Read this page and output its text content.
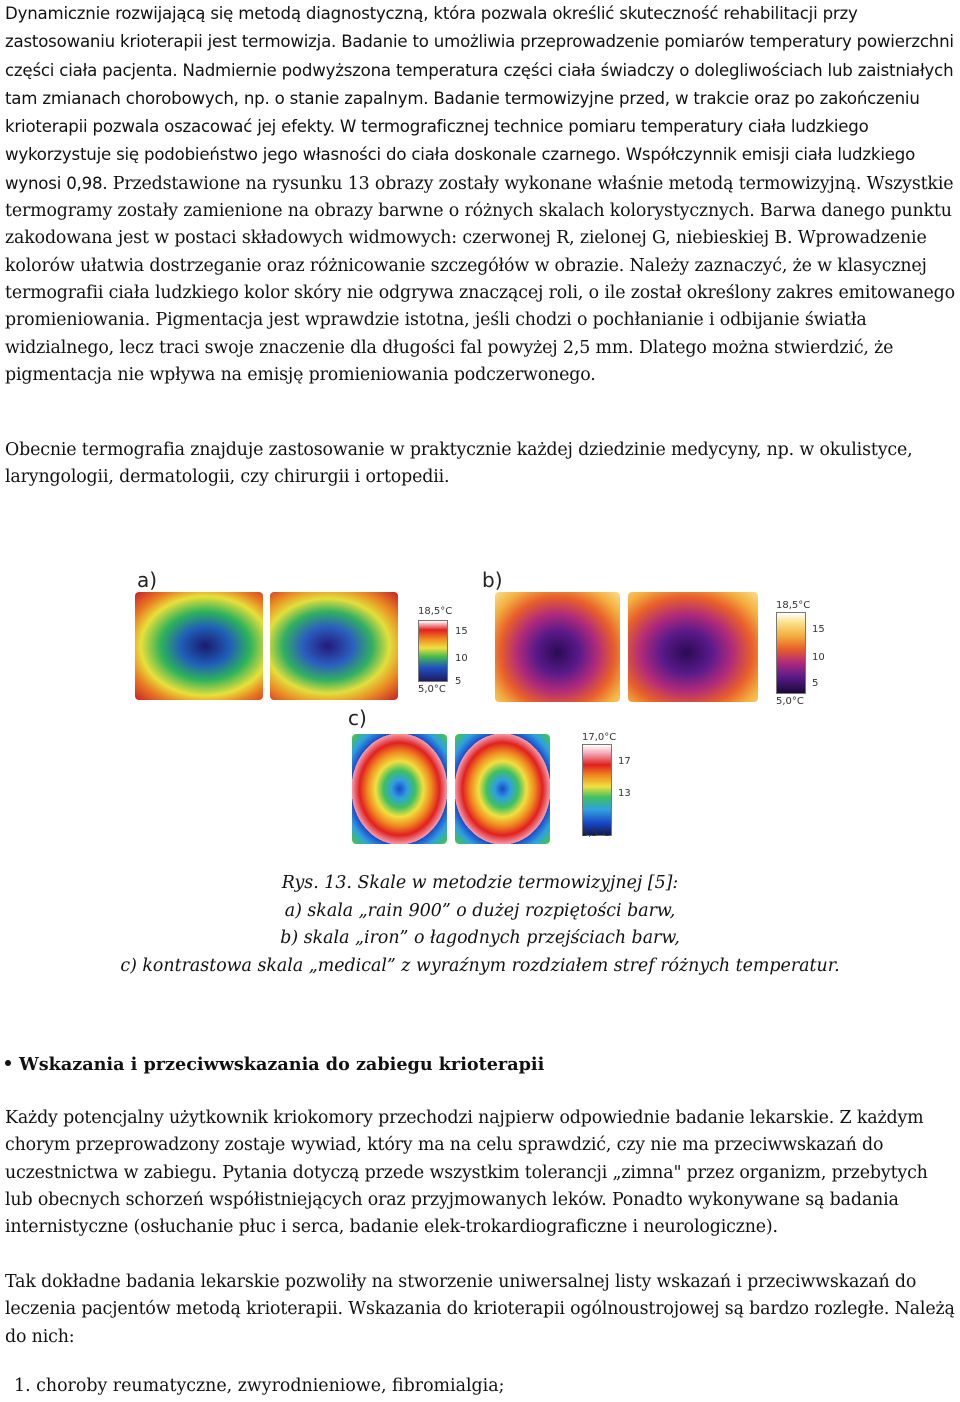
Dynamicznie rozwijającą się metodą diagnostyczną, która pozwala określić skuteczność rehabilitacji przy zastosowaniu krioterapii jest termowizja. Badanie to umożliwia przeprowadzenie pomiarów temperatury powierzchni części ciała pacjenta. Nadmiernie podwyższona temperatura części ciała świadczy o dolegliwościach lub zaistniałych tam zmianach chorobowych, np. o stanie zapalnym. Badanie termowizyjne przed, w trakcie oraz po zakończeniu krioterapii pozwala oszacować jej efekty. W termograficznej technice pomiaru temperatury ciała ludzkiego wykorzystuje się podobieństwo jego własności do ciała doskonale czarnego. Współczynnik emisji ciała ludzkiego wynosi 0,98. Przedstawione na rysunku 13 obrazy zostały wykonane właśnie metodą termowizyjną. Wszystkie termogramy zostały zamienione na obrazy barwne o różnych skalach kolorystycznych. Barwa danego punktu zakodowana jest w postaci składowych widmowych: czerwonej R, zielonej G, niebieskiej B. Wprowadzenie kolorów ułatwia dostrzeganie oraz różnicowanie szczegółów w obrazie. Należy zaznaczyć, że w klasycznej termografii ciała ludzkiego kolor skóry nie odgrywa znaczącej roli, o ile został określony zakres emitowanego promieniowania. Pigmentacja jest wprawdzie istotna, jeśli chodzi o pochłanianie i odbijanie światła widzialnego, lecz traci swoje znaczenie dla długości fal powyżej 2,5 mm. Dlatego można stwierdzić, że pigmentacja nie wpływa na emisję promieniowania podczerwonego.

Obecnie termografia znajduje zastosowanie w praktycznie każdej dziedzinie medycyny, np. w okulistyce, laryngologii, dermatologii, czy chirurgii i ortopedii.

a)
18,5°C
15
10
5
5,0°C
b)
18,5°C
15
10
5
5,0°C
c)
17,0°C
17
13
5,5°C
Rys. 13. Skale w metodzie termowizyjnej [5]:
a) skala „rain 900” o dużej rozpiętości barw,
b) skala „iron” o łagodnych przejściach barw,
c) kontrastowa skala „medical” z wyraźnym rozdziałem stref różnych temperatur.
Wskazania i przeciwwskazania do zabiegu krioterapii

Każdy potencjalny użytkownik kriokomory przechodzi najpierw odpowiednie badanie lekarskie. Z każdym chorym przeprowadzony zostaje wywiad, który ma na celu sprawdzić, czy nie ma przeciwwskazań do uczestnictwa w zabiegu. Pytania dotyczą przede wszystkim tolerancji „zimna" przez organizm, przebytych lub obecnych schorzeń współistniejących oraz przyjmowanych leków. Ponadto wykonywane są badania internistyczne (osłuchanie płuc i serca, badanie elek-trokardiograficzne i neurologiczne).

Tak dokładne badania lekarskie pozwoliły na stworzenie uniwersalnej listy wskazań i przeciwwskazań do leczenia pacjentów metodą krioterapii. Wskazania do krioterapii ogólnoustrojowej są bardzo rozległe. Należą do nich:

1. choroby reumatyczne, zwyrodnieniowe, fibromialgia;
